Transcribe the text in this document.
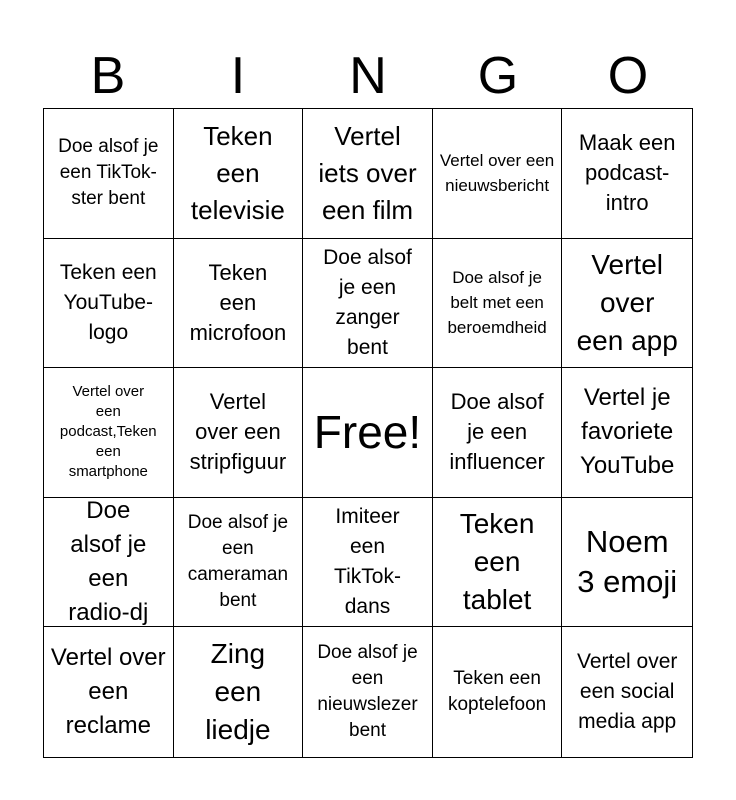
B	I	N	G	O
Doe alsof je een TikTok-ster bent
Teken een televisie
Vertel iets over een film
Vertel over een nieuwsbericht
Maak een podcast-intro
Teken een YouTube-logo
Teken een microfoon
Doe alsof je een zanger bent
Doe alsof je belt met een beroemdheid
Vertel over een app
Vertel over een podcast,Teken een smartphone
Vertel over een stripfiguur
Free!
Doe alsof je een influencer
Vertel je favoriete YouTube
Doe alsof je een radio-dj
Doe alsof je een cameraman bent
Imiteer een TikTok-dans
Teken een tablet
Noem 3 emoji
Vertel over een reclame
Zing een liedje
Doe alsof je een nieuwslezer bent
Teken een koptelefoon
Vertel over een social media app
